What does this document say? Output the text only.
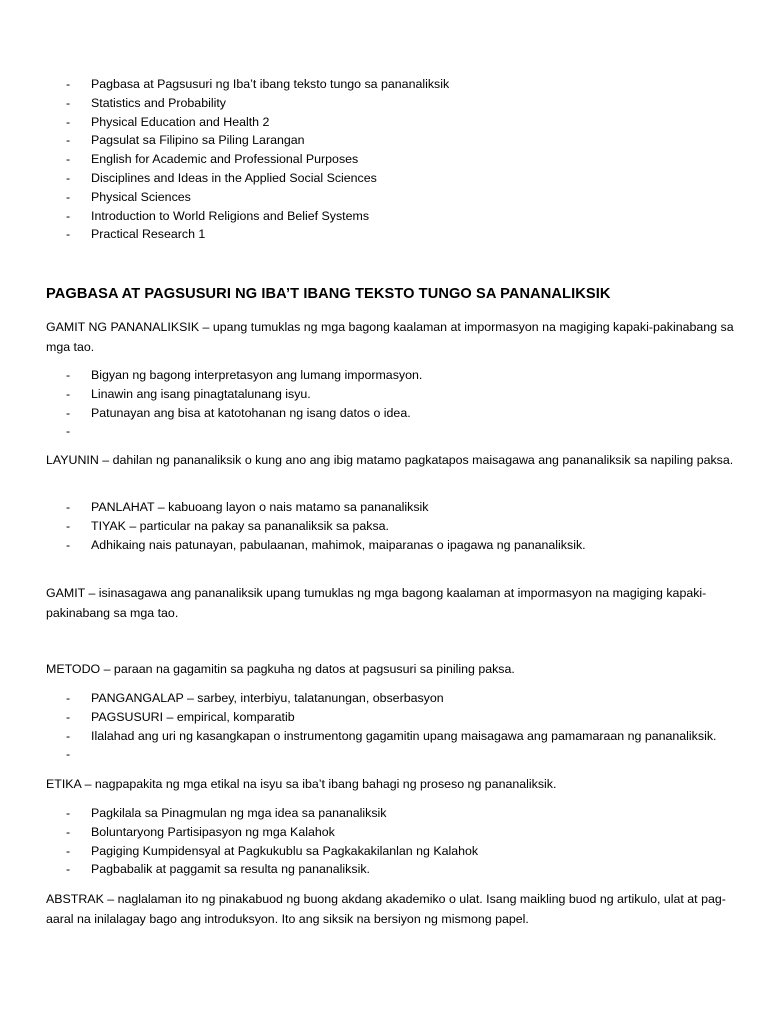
- Pagbasa at Pagsusuri ng Iba’t ibang teksto tungo sa pananaliksik
- Statistics and Probability
- Physical Education and Health 2
- Pagsulat sa Filipino sa Piling Larangan
- English for Academic and Professional Purposes
- Disciplines and Ideas in the Applied Social Sciences
- Physical Sciences
- Introduction to World Religions and Belief Systems
- Practical Research 1
PAGBASA AT PAGSUSURI NG IBA’T IBANG TEKSTO TUNGO SA PANANALIKSIK

GAMIT NG PANANALIKSIK – upang tumuklas ng mga bagong kaalaman at impormasyon na magiging kapaki-pakinabang sa mga tao.

- Bigyan ng bagong interpretasyon ang lumang impormasyon.
- Linawin ang isang pinagtatalunang isyu.
- Patunayan ang bisa at katotohanan ng isang datos o idea.
-

LAYUNIN – dahilan ng pananaliksik o kung ano ang ibig matamo pagkatapos maisagawa ang pananaliksik sa napiling paksa.

- PANLAHAT – kabuoang layon o nais matamo sa pananaliksik
- TIYAK – particular na pakay sa pananaliksik sa paksa.
- Adhikaing nais patunayan, pabulaanan, mahimok, maiparanas o ipagawa ng pananaliksik.

GAMIT – isinasagawa ang pananaliksik upang tumuklas ng mga bagong kaalaman at impormasyon na magiging kapaki-pakinabang sa mga tao.

METODO – paraan na gagamitin sa pagkuha ng datos at pagsusuri sa piniling paksa.

- PANGANGALAP – sarbey, interbiyu, talatanungan, obserbasyon
- PAGSUSURI – empirical, komparatib
- Ilalahad ang uri ng kasangkapan o instrumentong gagamitin upang maisagawa ang pamamaraan ng pananaliksik.
-

ETIKA – nagpapakita ng mga etikal na isyu sa iba’t ibang bahagi ng proseso ng pananaliksik.

- Pagkilala sa Pinagmulan ng mga idea sa pananaliksik
- Boluntaryong Partisipasyon ng mga Kalahok
- Pagiging Kumpidensyal at Pagkukublu sa Pagkakakilanlan ng Kalahok
- Pagbabalik at paggamit sa resulta ng pananaliksik.

ABSTRAK – naglalaman ito ng pinakabuod ng buong akdang akademiko o ulat. Isang maikling buod ng artikulo, ulat at pag-aaral na inilalagay bago ang introduksyon. Ito ang siksik na bersiyon ng mismong papel.
